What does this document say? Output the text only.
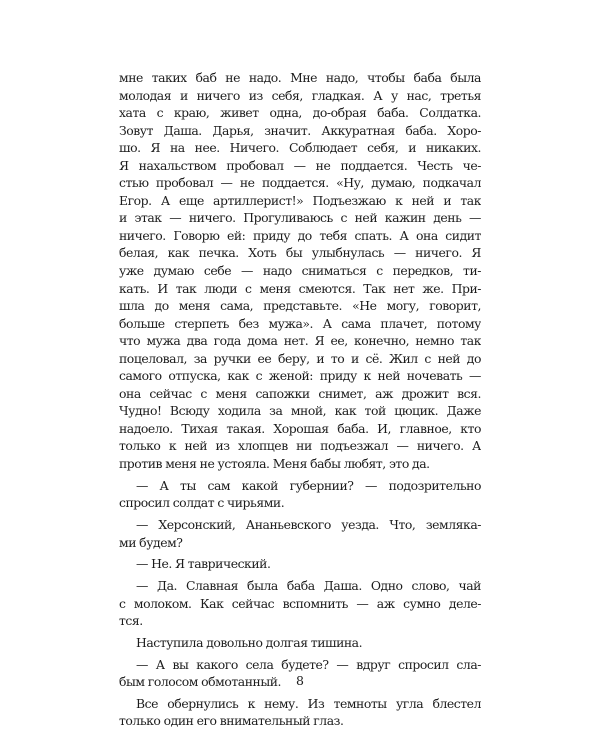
мне таких баб не надо. Мне надо, чтобы баба была
молодая и ничего из себя, гладкая. А у нас, третья
хата с краю, живет одна, до-обрая баба. Солдатка.
Зовут Даша. Дарья, значит. Аккуратная баба. Хоро-
шо. Я на нее. Ничего. Соблюдает себя, и никаких.
Я нахальством пробовал — не поддается. Честь че-
стью пробовал — не поддается. «Ну, думаю, подкачал
Егор. А еще артиллерист!» Подъезжаю к ней и так
и этак — ничего. Прогуливаюсь с ней кажин день —
ничего. Говорю ей: приду до тебя спать. А она сидит
белая, как печка. Хоть бы улыбнулась — ничего. Я
уже думаю себе — надо сниматься с передков, ти-
кать. И так люди с меня смеются. Так нет же. При-
шла до меня сама, представьте. «Не могу, говорит,
больше стерпеть без мужа». А сама плачет, потому
что мужа два года дома нет. Я ее, конечно, немно так
поцеловал, за ручки ее беру, и то и сё. Жил с ней до
самого отпуска, как с женой: приду к ней ночевать —
она сейчас с меня сапожки снимет, аж дрожит вся.
Чудно! Всюду ходила за мной, как той цюцик. Даже
надоело. Тихая такая. Хорошая баба. И, главное, кто
только к ней из хлопцев ни подъезжал — ничего. А
против меня не устояла. Меня бабы любят, это да.
— А ты сам какой губернии? — подозрительно
спросил солдат с чирьями.
— Херсонский, Ананьевского уезда. Что, земляка-
ми будем?
— Не. Я таврический.
— Да. Славная была баба Даша. Одно слово, чай
с молоком. Как сейчас вспомнить — аж сумно деле-
тся.
Наступила довольно долгая тишина.
— А вы какого села будете? — вдруг спросил сла-
бым голосом обмотанный.
Все обернулись к нему. Из темноты угла блестел
только один его внимательный глаз.
8
